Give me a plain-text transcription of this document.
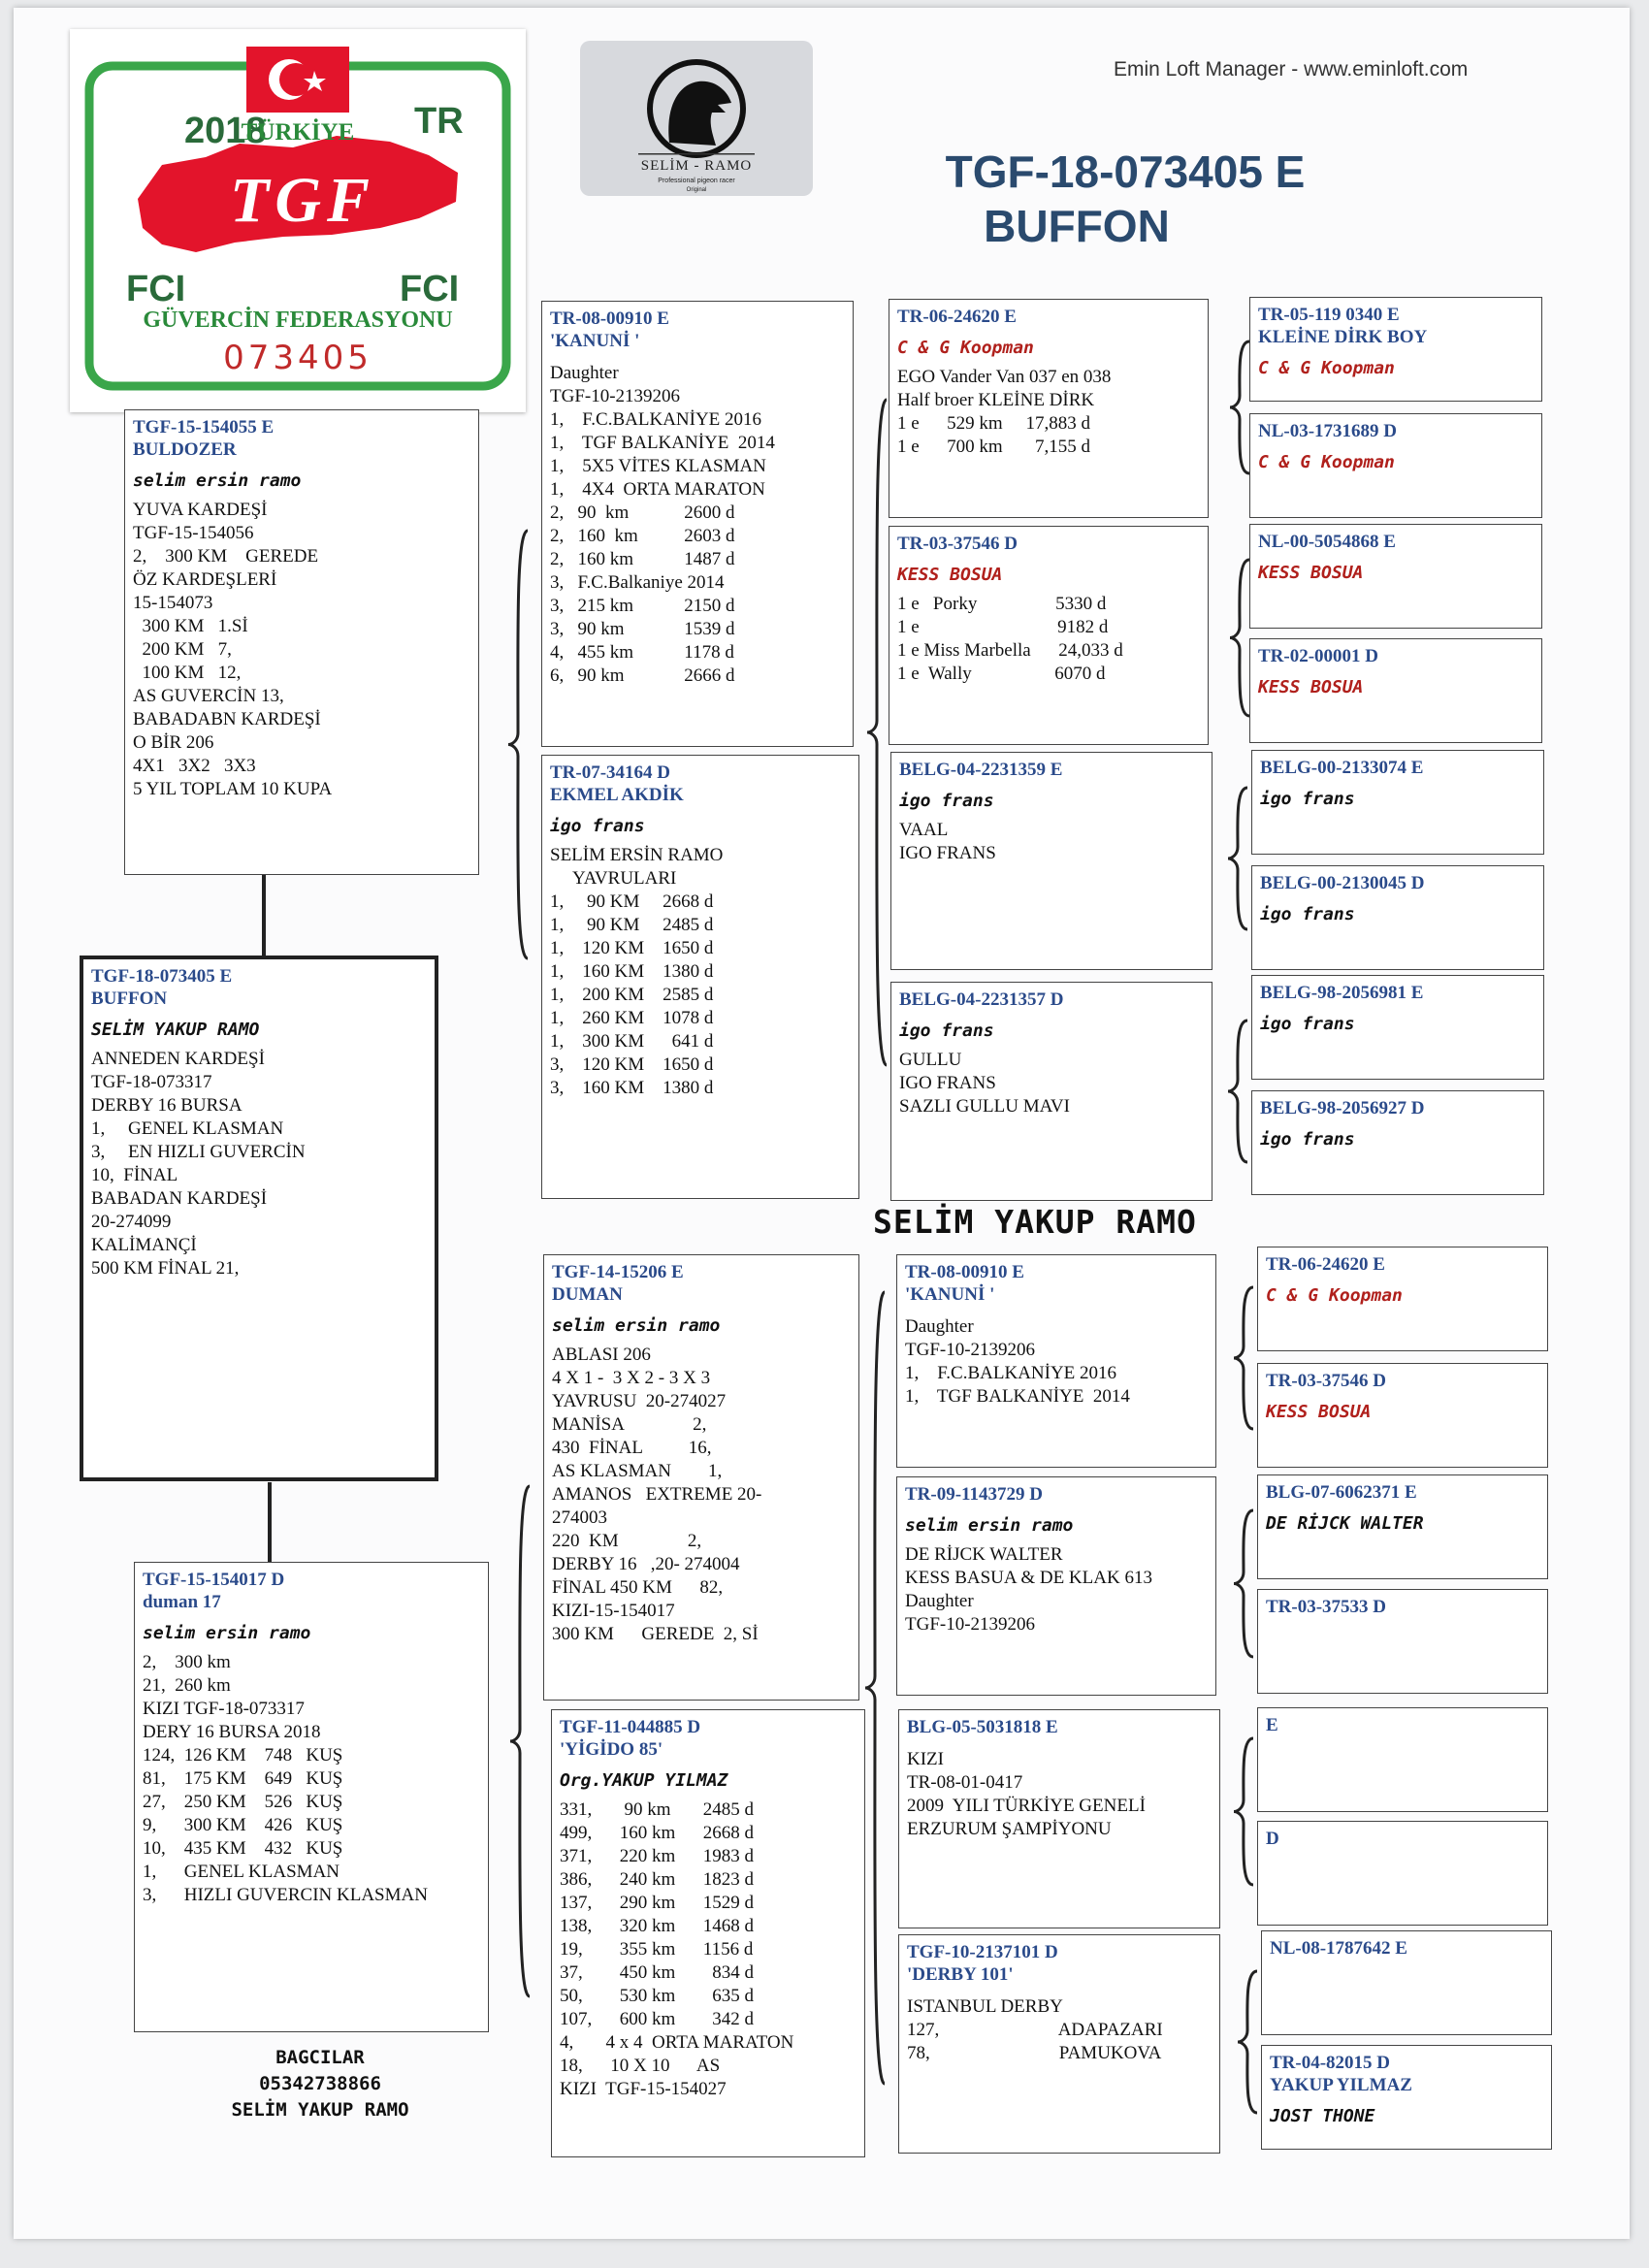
2018	TR
TÜRKİYE
TGF
FCI	FCI
GÜVERCİN FEDERASYONU
073405
SELİM - RAMO
Professional pigeon racer
Original
Emin Loft Manager - www.eminloft.com
TGF-18-073405 E
BUFFON
SELİM YAKUP RAMO
BAGCILAR
05342738866
SELİM YAKUP RAMO
TGF-18-073405 E
BUFFON
SELİM YAKUP RAMO
ANNEDEN KARDEŞİ
TGF-18-073317
DERBY 16 BURSA
1,     GENEL KLASMAN
3,     EN HIZLI GUVERCİN
10,  FİNAL
BABADAN KARDEŞİ
20-274099
KALİMANÇİ
500 KM FİNAL 21,
TGF-15-154055 E
BULDOZER
selim ersin ramo
YUVA KARDEŞİ
TGF-15-154056
2,    300 KM    GEREDE
ÖZ KARDEŞLERİ
15-154073
300 KM   1.Sİ
200 KM   7,
100 KM   12,
AS GUVERCİN 13,
BABADABN KARDEŞİ
O BİR 206
4X1   3X2   3X3
5 YIL TOPLAM 10 KUPA
TGF-15-154017 D
duman 17
selim ersin ramo
2,    300 km
21,  260 km
KIZI TGF-18-073317
DERY 16 BURSA 2018
124,  126 KM    748   KUŞ
81,    175 KM    649   KUŞ
27,    250 KM    526   KUŞ
9,      300 KM    426   KUŞ
10,    435 KM    432   KUŞ
1,      GENEL KLASMAN
3,      HIZLI GUVERCIN KLASMAN
TR-08-00910 E
'KANUNİ '
Daughter
TGF-10-2139206
1,    F.C.BALKANİYE 2016
1,    TGF BALKANİYE  2014
1,    5X5 VİTES KLASMAN
1,    4X4  ORTA MARATON
2,   90  km            2600 d
2,   160  km          2603 d
2,   160 km           1487 d
3,   F.C.Balkaniye 2014
3,   215 km           2150 d
3,   90 km             1539 d
4,   455 km           1178 d
6,   90 km             2666 d
TR-07-34164 D
EKMEL AKDİK
igo frans
SELİM ERSİN RAMO
YAVRULARI
1,     90 KM     2668 d
1,     90 KM     2485 d
1,    120 KM    1650 d
1,    160 KM    1380 d
1,    200 KM    2585 d
1,    260 KM    1078 d
1,    300 KM      641 d
3,    120 KM    1650 d
3,    160 KM    1380 d
TGF-14-15206 E
DUMAN
selim ersin ramo
ABLASI 206
4 X 1 -  3 X 2 - 3 X 3
YAVRUSU  20-274027
MANİSA               2,
430  FİNAL          16,
AS KLASMAN        1,
AMANOS   EXTREME 20-
274003
220  KM               2,
DERBY 16   ,20- 274004
FİNAL 450 KM      82,
KIZI-15-154017
300 KM      GEREDE  2, Sİ
TGF-11-044885 D
'YİGİDO 85'
Org.YAKUP YILMAZ
331,       90 km       2485 d
499,      160 km      2668 d
371,      220 km      1983 d
386,      240 km      1823 d
137,      290 km      1529 d
138,      320 km      1468 d
19,        355 km      1156 d
37,        450 km        834 d
50,        530 km        635 d
107,      600 km        342 d
4,       4 x 4  ORTA MARATON
18,      10 X 10      AS
KIZI  TGF-15-154027
TR-06-24620 E
C & G Koopman
EGO Vander Van 037 en 038
Half broer KLEİNE DİRK
1 e      529 km     17,883 d
1 e      700 km       7,155 d
TR-03-37546 D
KESS BOSUA
1 e   Porky                 5330 d
1 e                              9182 d
1 e Miss Marbella      24,033 d
1 e  Wally                  6070 d
BELG-04-2231359 E
igo frans
VAAL
IGO FRANS
BELG-04-2231357 D
igo frans
GULLU
IGO FRANS
SAZLI GULLU MAVI
TR-08-00910 E
'KANUNİ '
Daughter
TGF-10-2139206
1,    F.C.BALKANİYE 2016
1,    TGF BALKANİYE  2014
TR-09-1143729 D
selim ersin ramo
DE RİJCK WALTER
KESS BASUA & DE KLAK 613
Daughter
TGF-10-2139206
BLG-05-5031818 E
KIZI
TR-08-01-0417
2009  YILI TÜRKİYE GENELİ
ERZURUM ŞAMPİYONU
TGF-10-2137101 D
'DERBY 101'
ISTANBUL DERBY
127,                          ADAPAZARI
78,                            PAMUKOVA
TR-05-119 0340 E
KLEİNE DİRK BOY
C & G Koopman
NL-03-1731689 D
C & G Koopman
NL-00-5054868 E
KESS BOSUA
TR-02-00001 D
KESS BOSUA
BELG-00-2133074 E
igo frans
BELG-00-2130045 D
igo frans
BELG-98-2056981 E
igo frans
BELG-98-2056927 D
igo frans
TR-06-24620 E
C & G Koopman
TR-03-37546 D
KESS BOSUA
BLG-07-6062371 E
DE RİJCK WALTER
TR-03-37533 D
E
D
NL-08-1787642 E
TR-04-82015 D
YAKUP YILMAZ
JOST THONE
